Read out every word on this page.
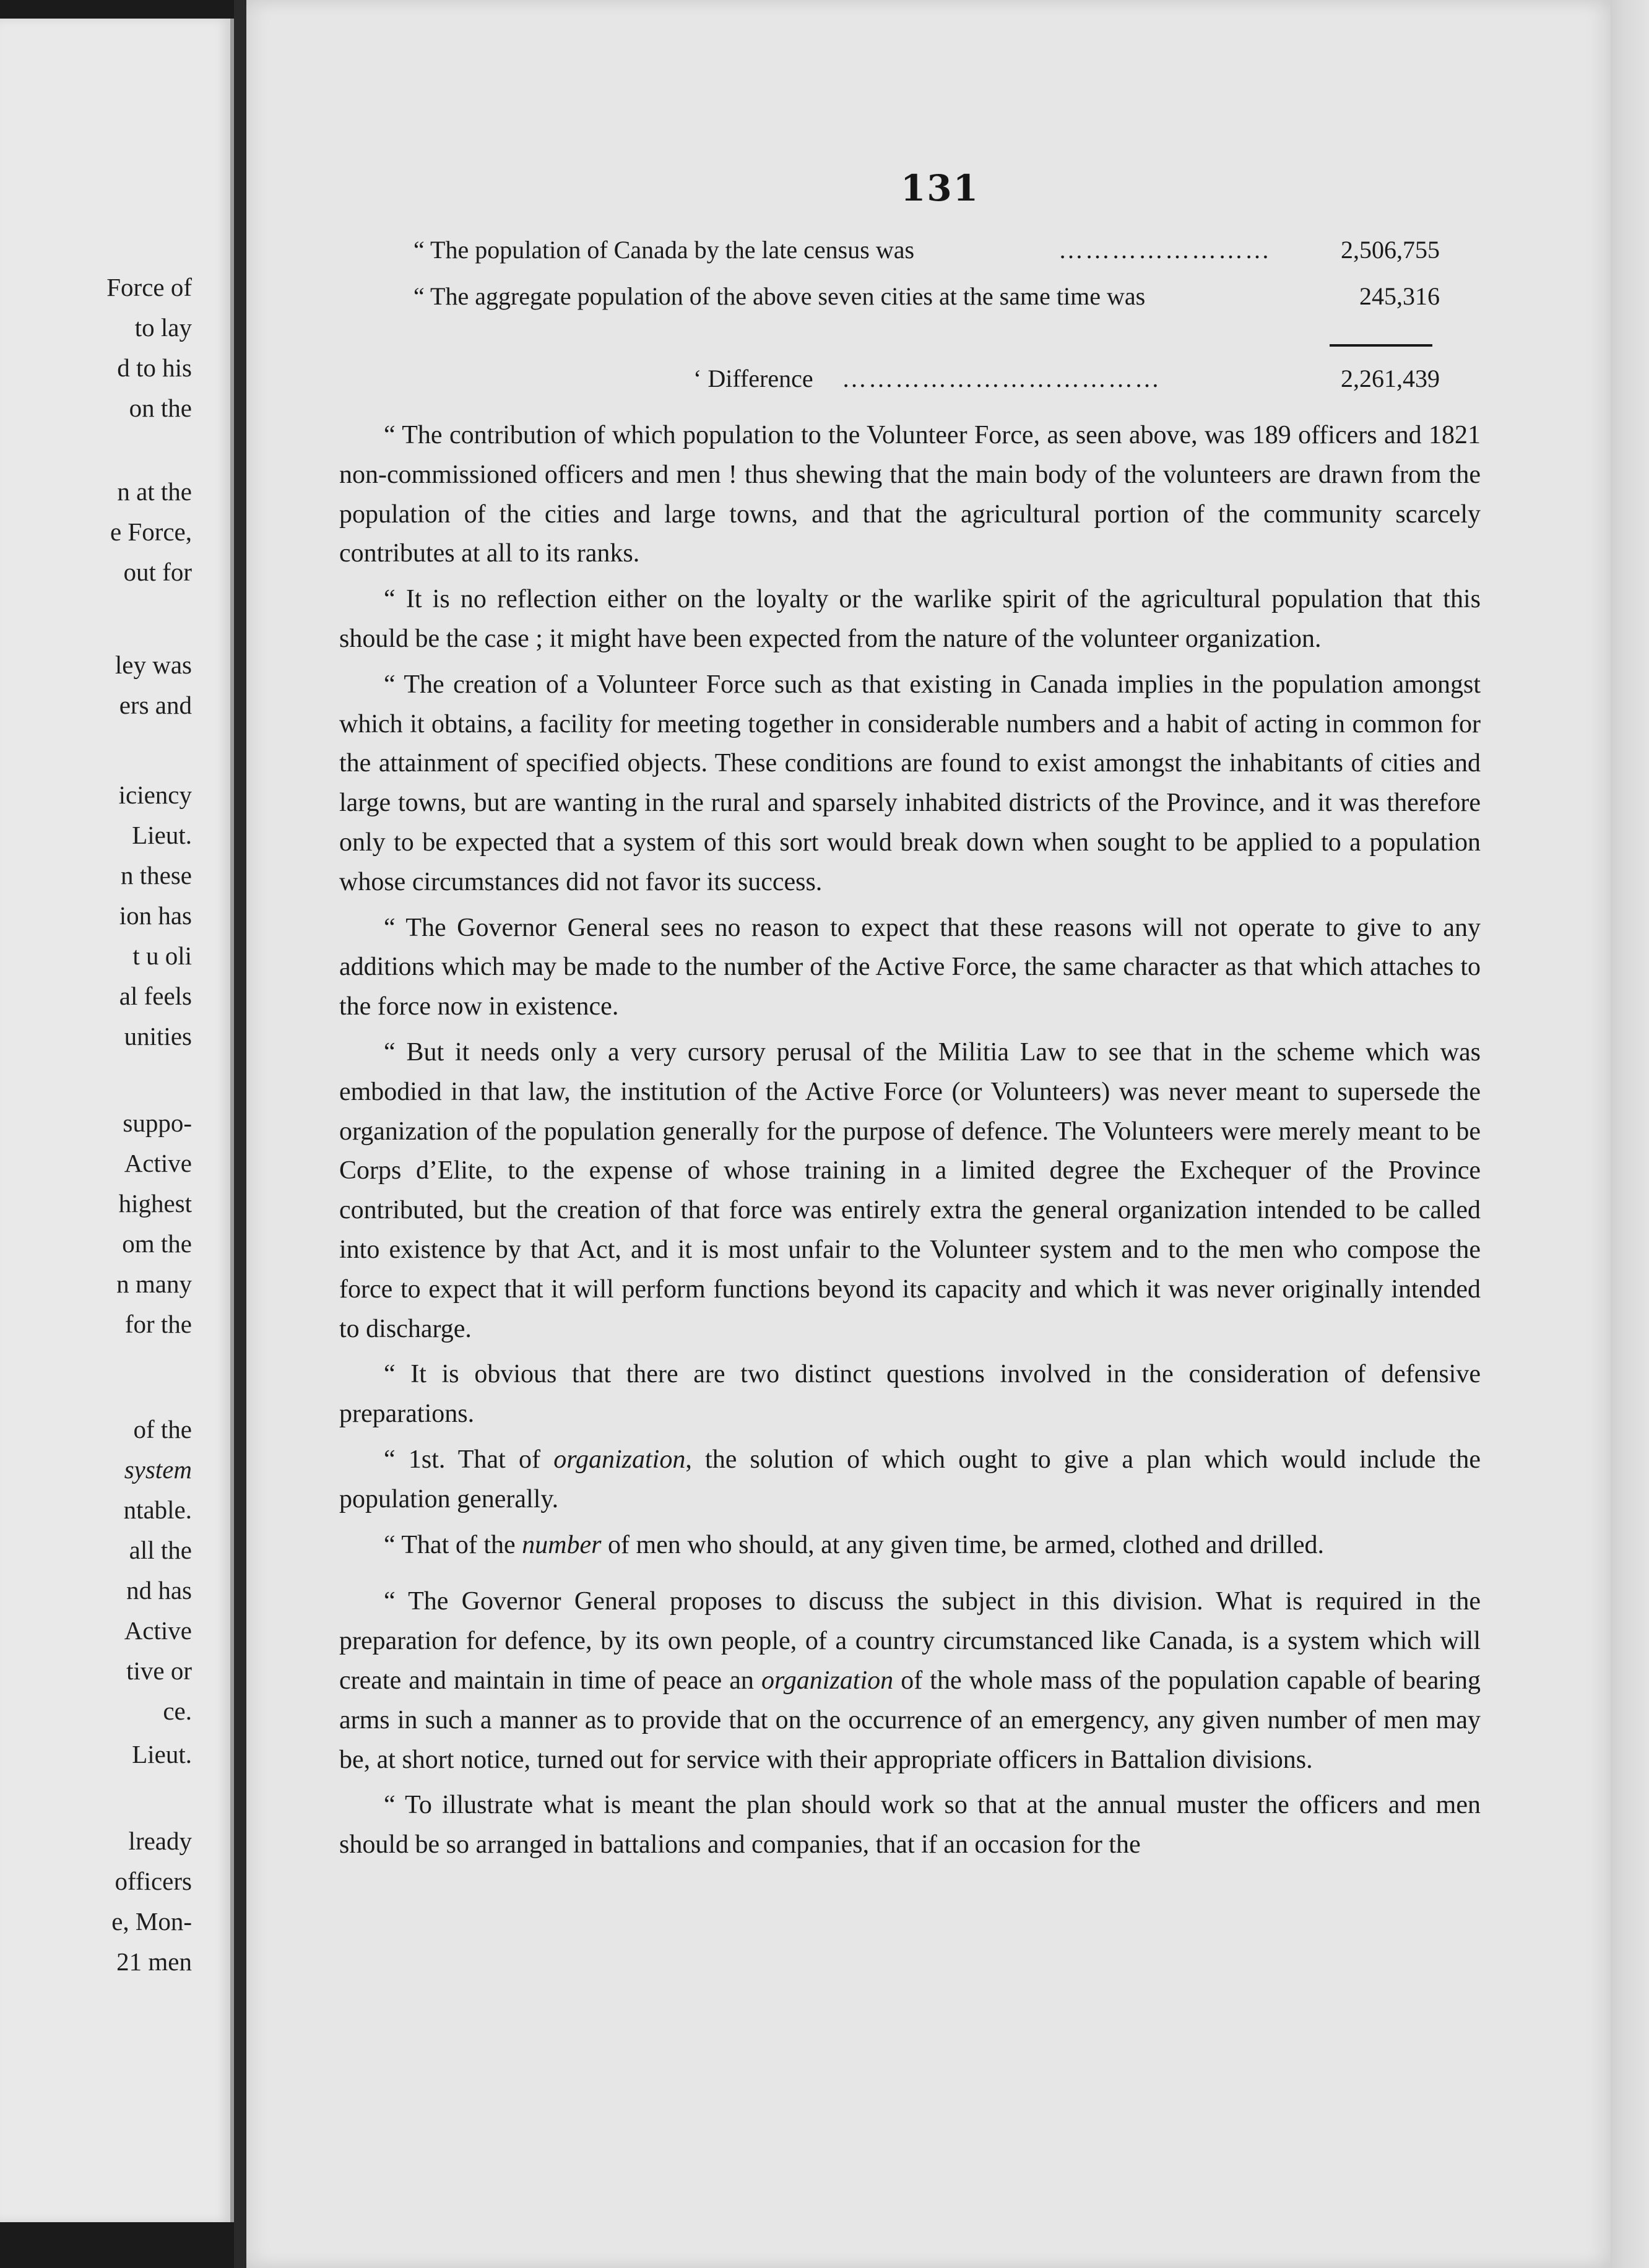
Force of
to lay
d to his
on the
n at the
e Force,
out for
ley was
ers and
iciency
Lieut.
n these
ion has
t u oli
al feels
unities
suppo-
Active
highest
om the
n many
for the
of the
system
ntable.
all the
nd has
Active
tive or
ce.
Lieut.
lready
officers
e, Mon-
21 men
131
“ The population of Canada by the late census was	……………………	2,506,755
“ The aggregate population of the above seven cities at the same time was	245,316
‘ Difference ………………………………	2,261,439

“ The contribution of which population to the Volunteer Force, as seen above, was 189 officers and 1821 non-commissioned officers and men ! thus shewing that the main body of the volunteers are drawn from the population of the cities and large towns, and that the agricultural portion of the community scarcely contributes at all to its ranks.

“ It is no reflection either on the loyalty or the warlike spirit of the agricultural population that this should be the case ; it might have been expected from the nature of the volunteer organization.

“ The creation of a Volunteer Force such as that existing in Canada implies in the population amongst which it obtains, a facility for meeting together in considerable numbers and a habit of acting in common for the attainment of specified objects. These conditions are found to exist amongst the inhabitants of cities and large towns, but are wanting in the rural and sparsely inhabited districts of the Province, and it was therefore only to be expected that a system of this sort would break down when sought to be applied to a population whose circumstances did not favor its success.

“ The Governor General sees no reason to expect that these reasons will not operate to give to any additions which may be made to the number of the Active Force, the same character as that which attaches to the force now in existence.

“ But it needs only a very cursory perusal of the Militia Law to see that in the scheme which was embodied in that law, the institution of the Active Force (or Volunteers) was never meant to supersede the organization of the population generally for the purpose of defence. The Volunteers were merely meant to be Corps d’Elite, to the expense of whose training in a limited degree the Exchequer of the Province contributed, but the creation of that force was entirely extra the general organization intended to be called into existence by that Act, and it is most unfair to the Volunteer system and to the men who compose the force to expect that it will perform functions beyond its capacity and which it was never originally intended to discharge.

“ It is obvious that there are two distinct questions involved in the consideration of defensive preparations.

“ 1st. That of organization, the solution of which ought to give a plan which would include the population generally.

“ That of the number of men who should, at any given time, be armed, clothed and drilled.

“ The Governor General proposes to discuss the subject in this division. What is required in the preparation for defence, by its own people, of a country circumstanced like Canada, is a system which will create and maintain in time of peace an organization of the whole mass of the population capable of bearing arms in such a manner as to provide that on the occurrence of an emergency, any given number of men may be, at short notice, turned out for service with their appropriate officers in Battalion divisions.

“ To illustrate what is meant the plan should work so that at the annual muster the officers and men should be so arranged in battalions and companies, that if an occasion for the
